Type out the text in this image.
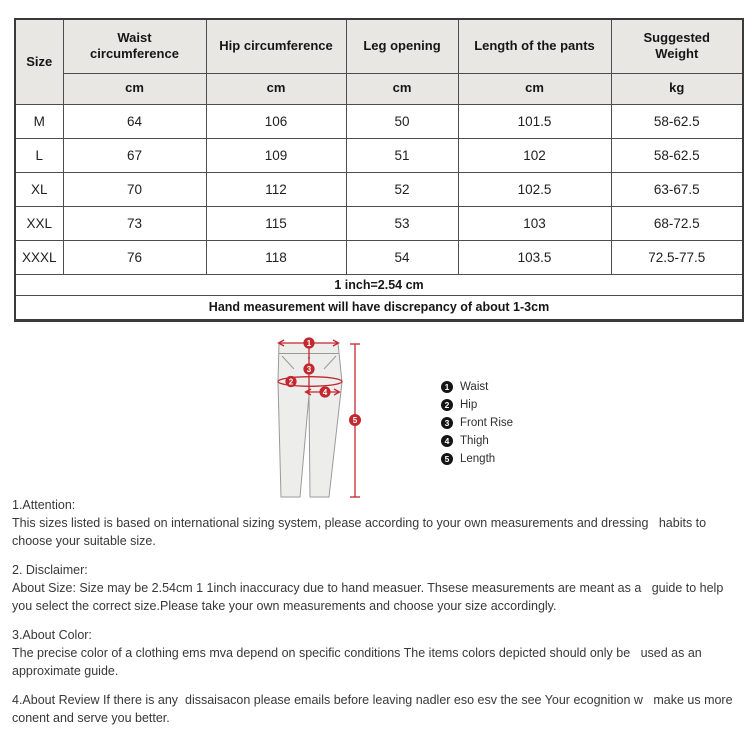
Size	Waist circumference	Hip circumference	Leg opening	Length of the pants	Suggested Weight
	cm	cm	cm	cm	kg
M	64	106	50	101.5	58-62.5
L	67	109	51	102	58-62.5
XL	70	112	52	102.5	63-67.5
XXL	73	115	53	103	68-72.5
XXXL	76	118	54	103.5	72.5-77.5
1 inch=2.54 cm					
Hand measurement will have discrepancy of about 1-3cm					
1
2
3
4
5
1 Waist
2 Hip
3 Front Rise
4 Thigh
5 Length
1.Attention:
This sizes listed is based on international sizing system, please according to your own measurements and dressing   habits to choose your suitable size.
2. Disclaimer:
About Size: Size may be 2.54cm 1 1inch inaccuracy due to hand measuer. Thsese measurements are meant as a   guide to help you select the correct size.Please take your own measurements and choose your size accordingly.
3.About Color:
The precise color of a clothing ems mva depend on specific conditions The items colors depicted should only be   used as an approximate guide.
4.About Review If there is any  dissaisacon please emails before leaving nadler eso esv the see Your ecognition w   make us more conent and serve you better.
